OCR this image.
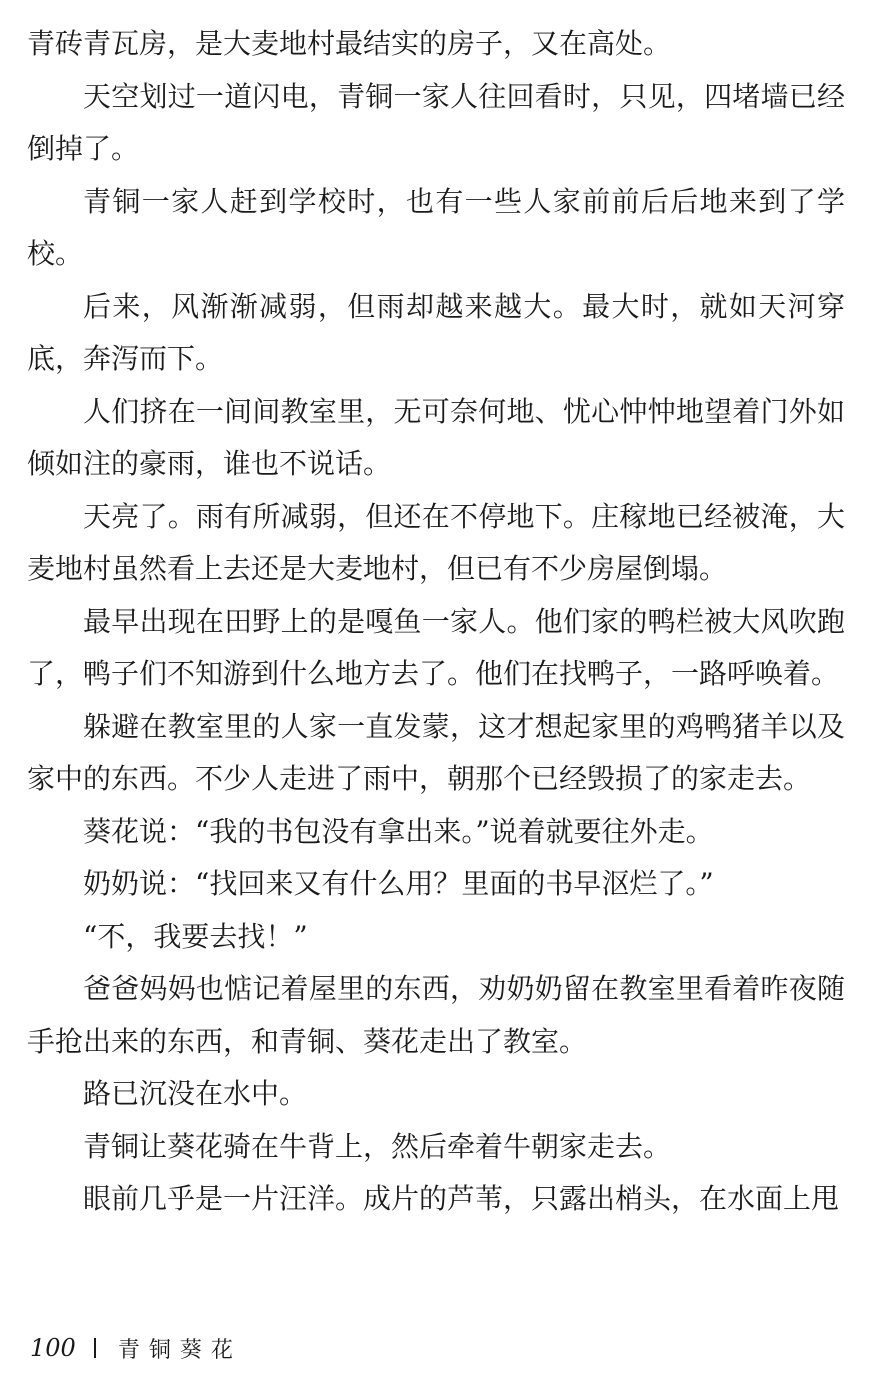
青砖青瓦房，是大麦地村最结实的房子，又在高处。

天空划过一道闪电，青铜一家人往回看时，只见，四堵墙已经倒掉了。

青铜一家人赶到学校时，也有一些人家前前后后地来到了学校。

后来，风渐渐减弱，但雨却越来越大。最大时，就如天河穿底，奔泻而下。

人们挤在一间间教室里，无可奈何地、忧心忡忡地望着门外如倾如注的豪雨，谁也不说话。

天亮了。雨有所减弱，但还在不停地下。庄稼地已经被淹，大麦地村虽然看上去还是大麦地村，但已有不少房屋倒塌。

最早出现在田野上的是嘎鱼一家人。他们家的鸭栏被大风吹跑了，鸭子们不知游到什么地方去了。他们在找鸭子，一路呼唤着。

躲避在教室里的人家一直发蒙，这才想起家里的鸡鸭猪羊以及家中的东西。不少人走进了雨中，朝那个已经毁损了的家走去。

葵花说：“我的书包没有拿出来。”说着就要往外走。

奶奶说：“找回来又有什么用？里面的书早沤烂了。”

“不，我要去找！”

爸爸妈妈也惦记着屋里的东西，劝奶奶留在教室里看着昨夜随手抢出来的东西，和青铜、葵花走出了教室。

路已沉没在水中。

青铜让葵花骑在牛背上，然后牵着牛朝家走去。

眼前几乎是一片汪洋。成片的芦苇，只露出梢头，在水面上甩

100 青铜葵花
